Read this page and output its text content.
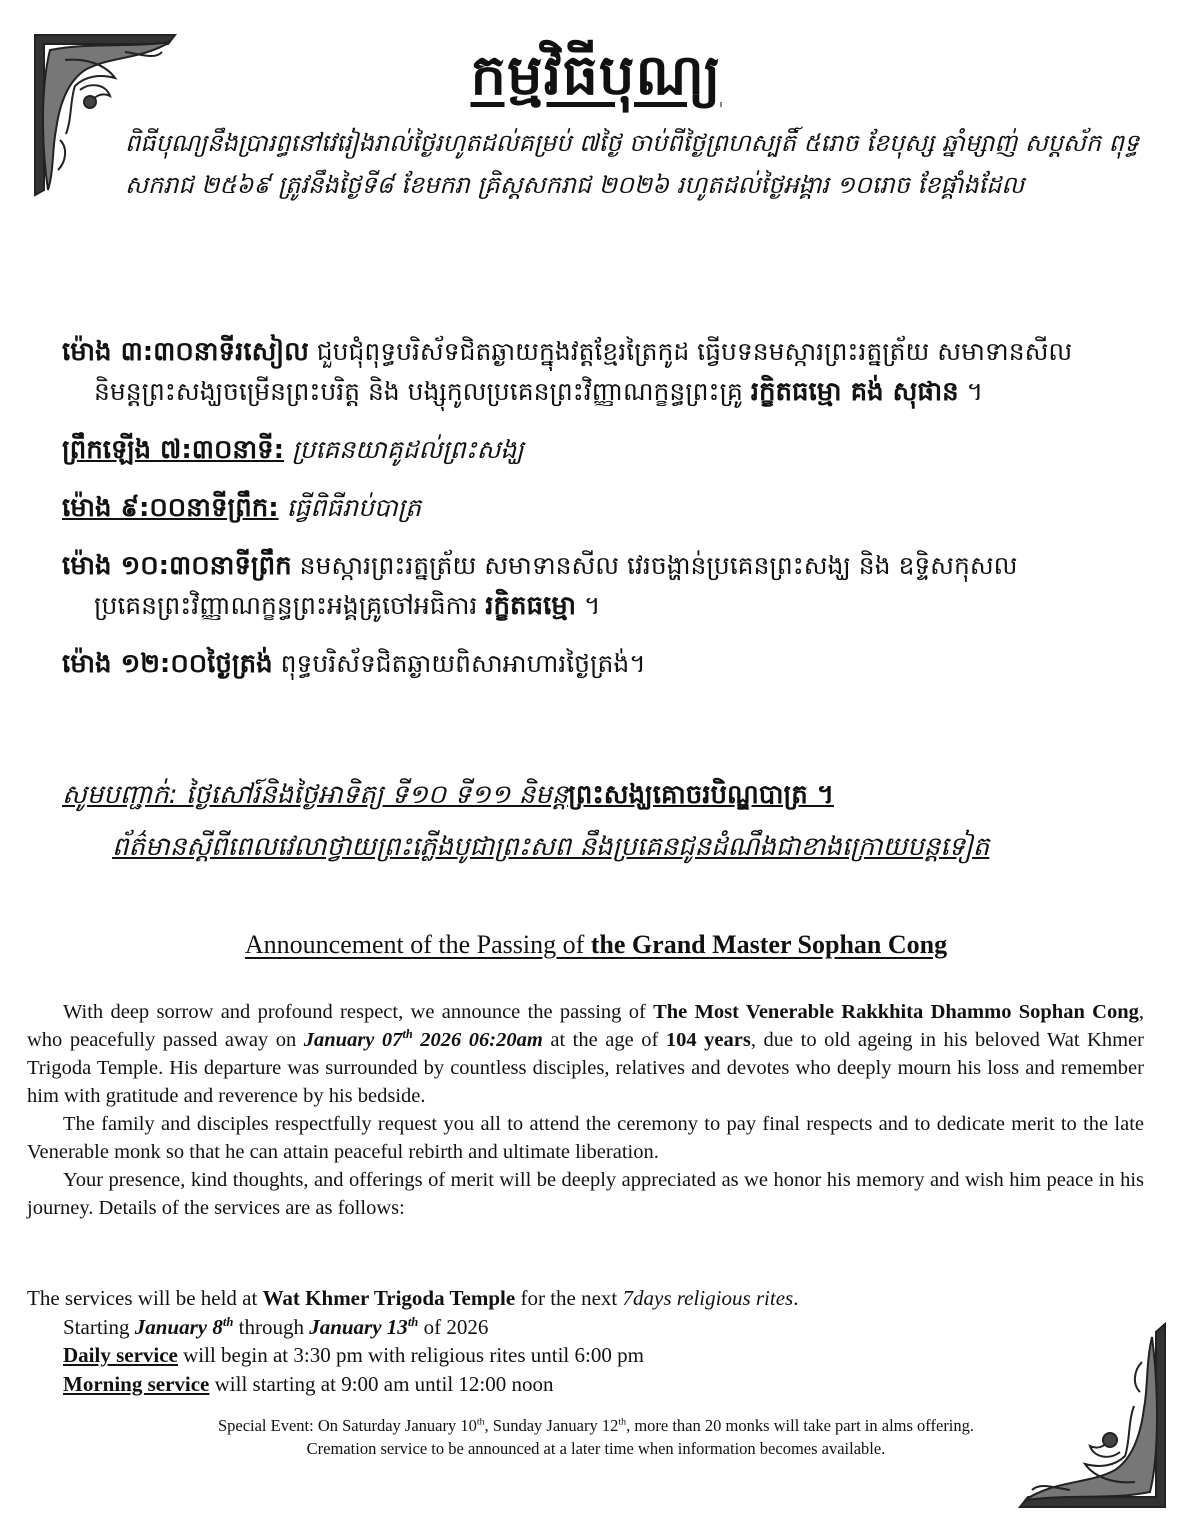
កម្មវិធីបុណ្យ
ពិធីបុណ្យនឹងប្រារព្ធនៅវេរៀងរាល់ថ្ងៃរហូតដល់គម្រប់ ៧ថ្ងៃ ចាប់ពីថ្ងៃព្រហស្បតិ៍ ៥រោច ខែបុស្ស ឆ្នាំម្សាញ់ សប្តស័ក ពុទ្ធសករាជ ២៥៦៩ ត្រូវនឹងថ្ងៃទី៨ ខែមករា គ្រិស្តសករាជ ២០២៦ រហូតដល់ថ្ងៃអង្គារ ១០រោច ខែផ្គាំងដែល
ម៉ោង ៣:៣០នាទីរសៀល ជួបជុំពុទ្ធបរិស័ទជិតឆ្ងាយក្នុងវត្តខ្មែរត្រៃកូដ ធ្វើបទនមស្ការព្រះរត្នត្រ័យ សមាទានសីល
និមន្តព្រះសង្ឃចម្រើនព្រះបរិត្ត និង បង្សុកូលប្រគេនព្រះវិញ្ញាណក្ខន្ធព្រះគ្រូ រក្ខិតធម្មោ គង់ សុផាន ។
ព្រឹកឡើង ៧:៣០នាទី: ប្រគេនយាគូដល់ព្រះសង្ឃ
ម៉ោង ៩:០០នាទីព្រឹក: ធ្វើពិធីរាប់បាត្រ
ម៉ោង ១០:៣០នាទីព្រឹក នមស្ការព្រះរត្នត្រ័យ សមាទានសីល វេរចង្ហាន់ប្រគេនព្រះសង្ឃ និង ឧទ្ទិសកុសល
ប្រគេនព្រះវិញ្ញាណក្ខន្ធព្រះអង្គគ្រូចៅអធិការ រក្ខិតធម្មោ ។
ម៉ោង ១២:០០ថ្ងៃត្រង់ ពុទ្ធបរិស័ទជិតឆ្ងាយពិសាអាហារថ្ងៃត្រង់។
សូមបញ្ជាក់: ថ្ងៃសៅរ៍និងថ្ងៃអាទិត្យ ទី១០ ទី១១ និមន្តព្រះសង្ឃគោចរបិណ្ឌបាត្រ ។
ព័ត៌មានស្តីពីពេលវេលាថ្វាយព្រះភ្លើងបូជាព្រះសព នឹងប្រគេនជូនដំណឹងជាខាងក្រោយបន្តទៀត
Announcement of the Passing of the Grand Master Sophan Cong

With deep sorrow and profound respect, we announce the passing of The Most Venerable Rakkhita Dhammo Sophan Cong, who peacefully passed away on January 07th 2026 06:20am at the age of 104 years, due to old ageing in his beloved Wat Khmer Trigoda Temple. His departure was surrounded by countless disciples, relatives and devotes who deeply mourn his loss and remember him with gratitude and reverence by his bedside.

The family and disciples respectfully request you all to attend the ceremony to pay final respects and to dedicate merit to the late Venerable monk so that he can attain peaceful rebirth and ultimate liberation.

Your presence, kind thoughts, and offerings of merit will be deeply appreciated as we honor his memory and wish him peace in his journey. Details of the services are as follows:

The services will be held at Wat Khmer Trigoda Temple for the next 7days religious rites.
Starting January 8th through January 13th of 2026
Daily service will begin at 3:30 pm with religious rites until 6:00 pm
Morning service will starting at 9:00 am until 12:00 noon
Special Event: On Saturday January 10th, Sunday January 12th, more than 20 monks will take part in alms offering.
Cremation service to be announced at a later time when information becomes available.
